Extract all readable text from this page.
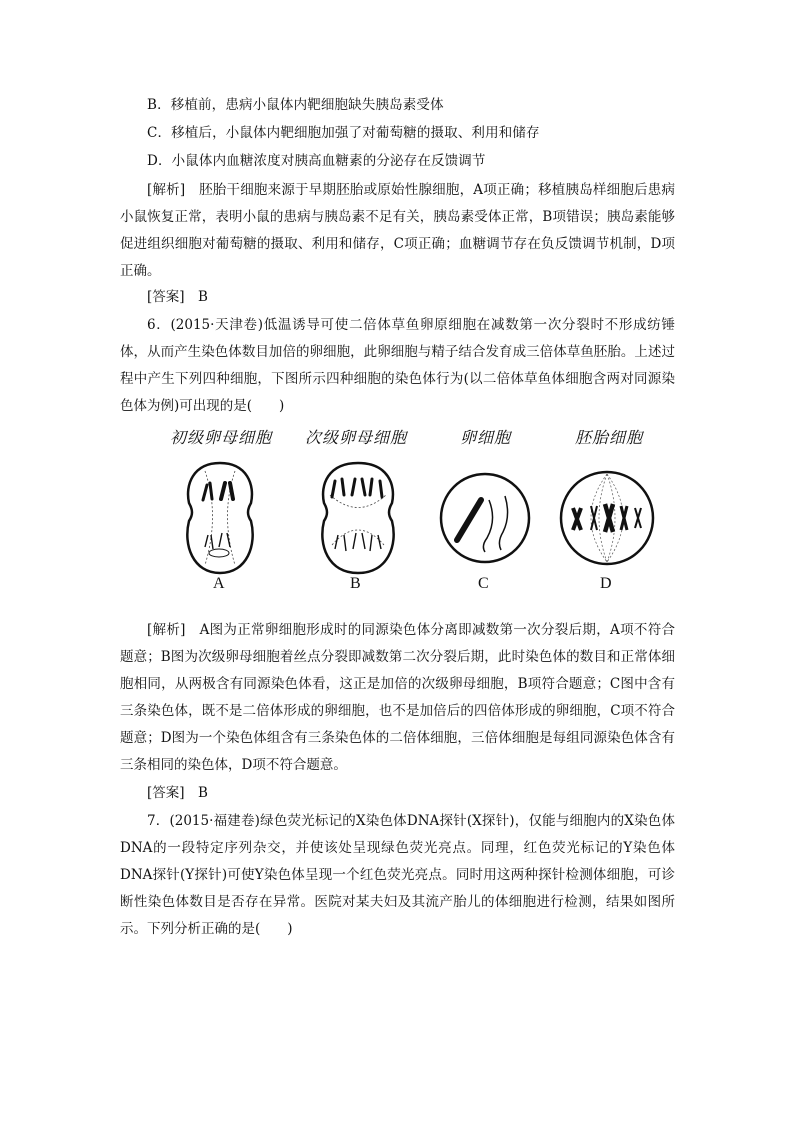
B．移植前，患病小鼠体内靶细胞缺失胰岛素受体
C．移植后，小鼠体内靶细胞加强了对葡萄糖的摄取、利用和储存
D．小鼠体内血糖浓度对胰高血糖素的分泌存在反馈调节
[解析]　胚胎干细胞来源于早期胚胎或原始性腺细胞，A项正确；移植胰岛样细胞后患病小鼠恢复正常，表明小鼠的患病与胰岛素不足有关，胰岛素受体正常，B项错误；胰岛素能够促进组织细胞对葡萄糖的摄取、利用和储存，C项正确；血糖调节存在负反馈调节机制，D项正确。
[答案]　B
6．(2015·天津卷)低温诱导可使二倍体草鱼卵原细胞在减数第一次分裂时不形成纺锤体，从而产生染色体数目加倍的卵细胞，此卵细胞与精子结合发育成三倍体草鱼胚胎。上述过程中产生下列四种细胞，下图所示四种细胞的染色体行为(以二倍体草鱼体细胞含两对同源染色体为例)可出现的是(　　)
初级卵母细胞 次级卵母细胞	卵细胞	胚胎细胞
A	B	C	D
[解析]　A图为正常卵细胞形成时的同源染色体分离即减数第一次分裂后期，A项不符合题意；B图为次级卵母细胞着丝点分裂即减数第二次分裂后期，此时染色体的数目和正常体细胞相同，从两极含有同源染色体看，这正是加倍的次级卵母细胞，B项符合题意；C图中含有三条染色体，既不是二倍体形成的卵细胞，也不是加倍后的四倍体形成的卵细胞，C项不符合题意；D图为一个染色体组含有三条染色体的二倍体细胞，三倍体细胞是每组同源染色体含有三条相同的染色体，D项不符合题意。
[答案]　B
7．(2015·福建卷)绿色荧光标记的X染色体DNA探针(X探针)，仅能与细胞内的X染色体DNA的一段特定序列杂交，并使该处呈现绿色荧光亮点。同理，红色荧光标记的Y染色体DNA探针(Y探针)可使Y染色体呈现一个红色荧光亮点。同时用这两种探针检测体细胞，可诊断性染色体数目是否存在异常。医院对某夫妇及其流产胎儿的体细胞进行检测，结果如图所示。下列分析正确的是(　　)
